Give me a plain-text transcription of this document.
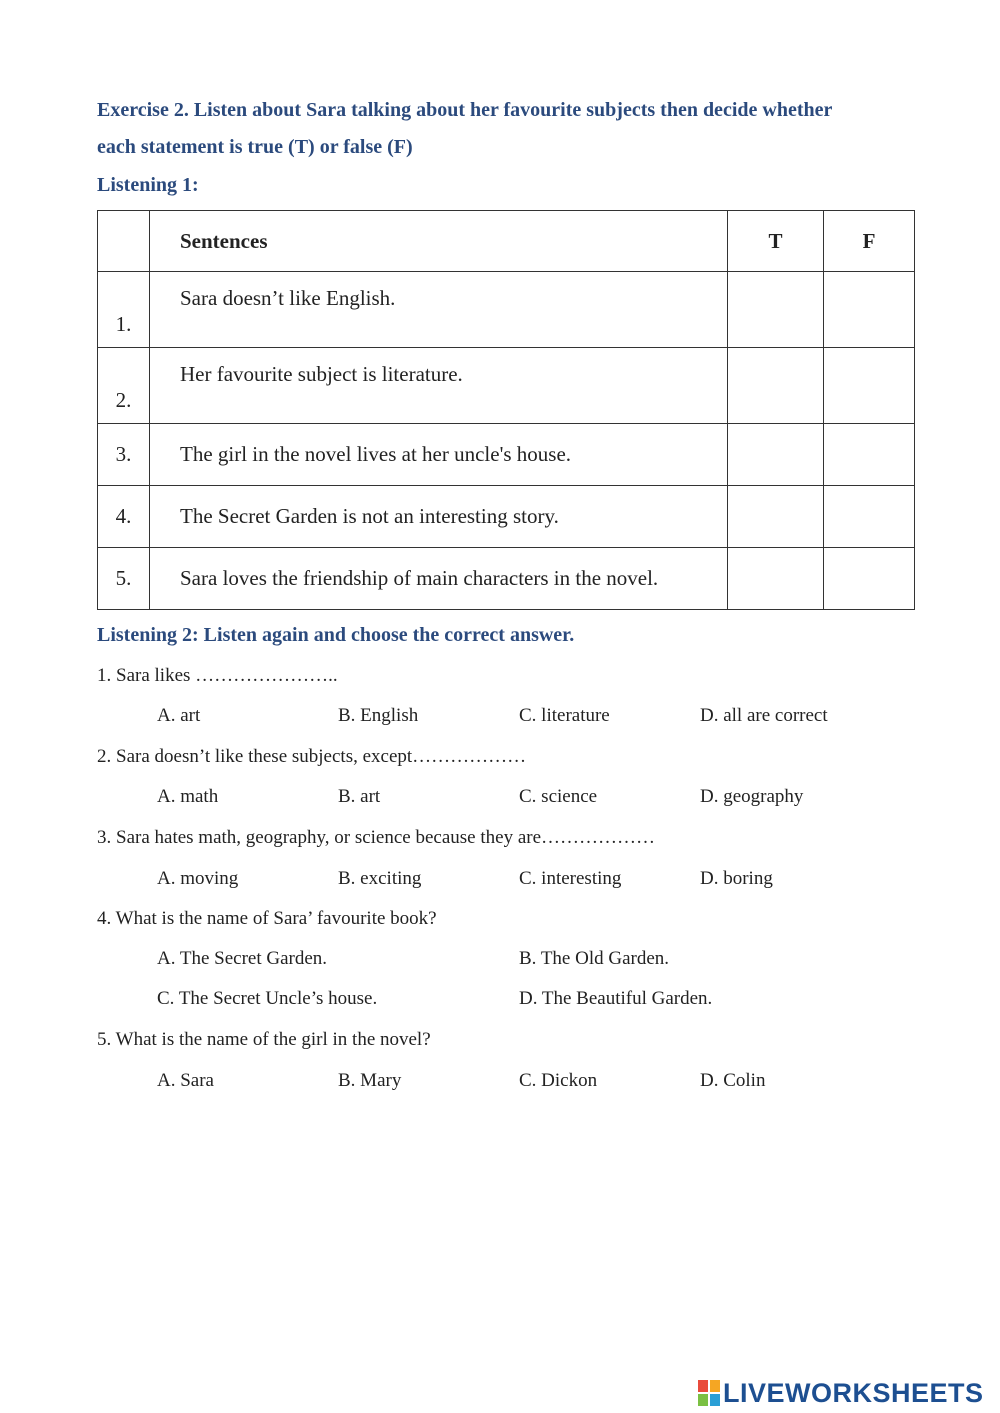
Exercise 2. Listen about Sara talking about her favourite subjects then decide whether
each statement is true (T) or false (F)
Listening 1:
	Sentences	T	F
1.	Sara doesn’t like English.		
2.	Her favourite subject is literature.		
3.	The girl in the novel lives at her uncle's house.		
4.	The Secret Garden is not an interesting story.		
5.	Sara loves the friendship of main characters in the novel.		
Listening 2: Listen again and choose the correct answer.
1. Sara likes …………………..
A. art	B. English	C. literature	D. all are correct
2. Sara doesn’t like these subjects, except………………
A. math	B. art	C. science	D. geography
3. Sara hates math, geography, or science because they are………………
A. moving	B. exciting	C. interesting	D. boring
4. What is the name of Sara’ favourite book?
A. The Secret Garden.	B. The Old Garden.
C. The Secret Uncle’s house.	D. The Beautiful Garden.
5. What is the name of the girl in the novel?
A. Sara	B. Mary	C. Dickon	D. Colin
LIVEWORKSHEETS
